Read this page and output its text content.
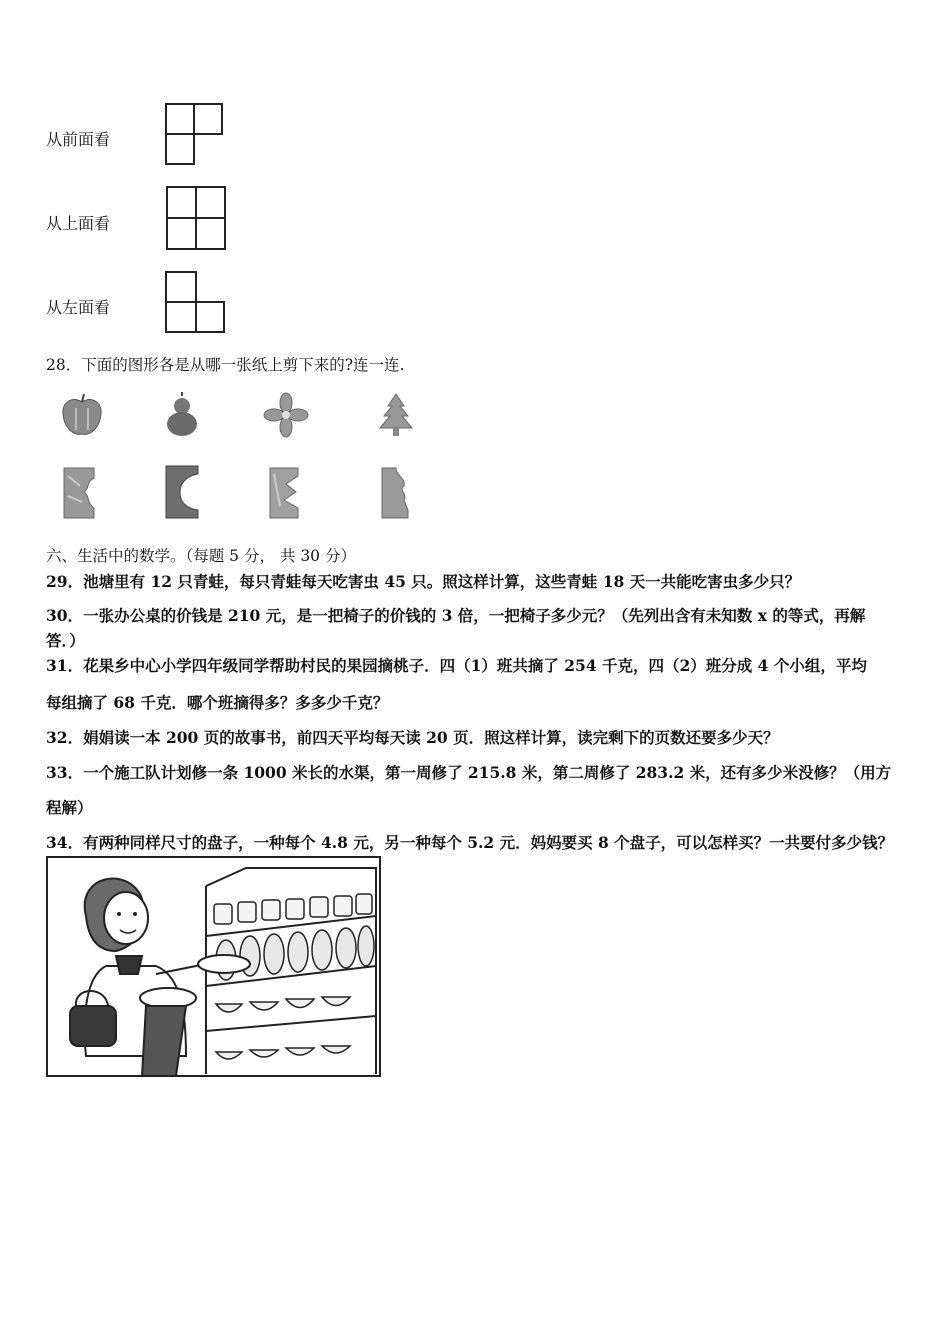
从前面看
从上面看
从左面看
28．下面的图形各是从哪一张纸上剪下来的?连一连.
六、生活中的数学。（每题 5 分， 共 30 分）
29．池塘里有 12 只青蛙，每只青蛙每天吃害虫 45 只。照这样计算，这些青蛙 18 天一共能吃害虫多少只？
30．一张办公桌的价钱是 210 元，是一把椅子的价钱的 3 倍，一把椅子多少元？（先列出含有未知数 x 的等式，再解
答．）
31．花果乡中心小学四年级同学帮助村民的果园摘桃子．四（1）班共摘了 254 千克，四（2）班分成 4 个小组，平均
每组摘了 68 千克．哪个班摘得多？多多少千克？
32．娟娟读一本 200 页的故事书，前四天平均每天读 20 页．照这样计算，读完剩下的页数还要多少天？
33．一个施工队计划修一条 1000 米长的水渠，第一周修了 215.8 米，第二周修了 283.2 米，还有多少米没修？（用方
程解）
34．有两种同样尺寸的盘子，一种每个 4.8 元，另一种每个 5.2 元．妈妈要买 8 个盘子，可以怎样买？一共要付多少钱？
